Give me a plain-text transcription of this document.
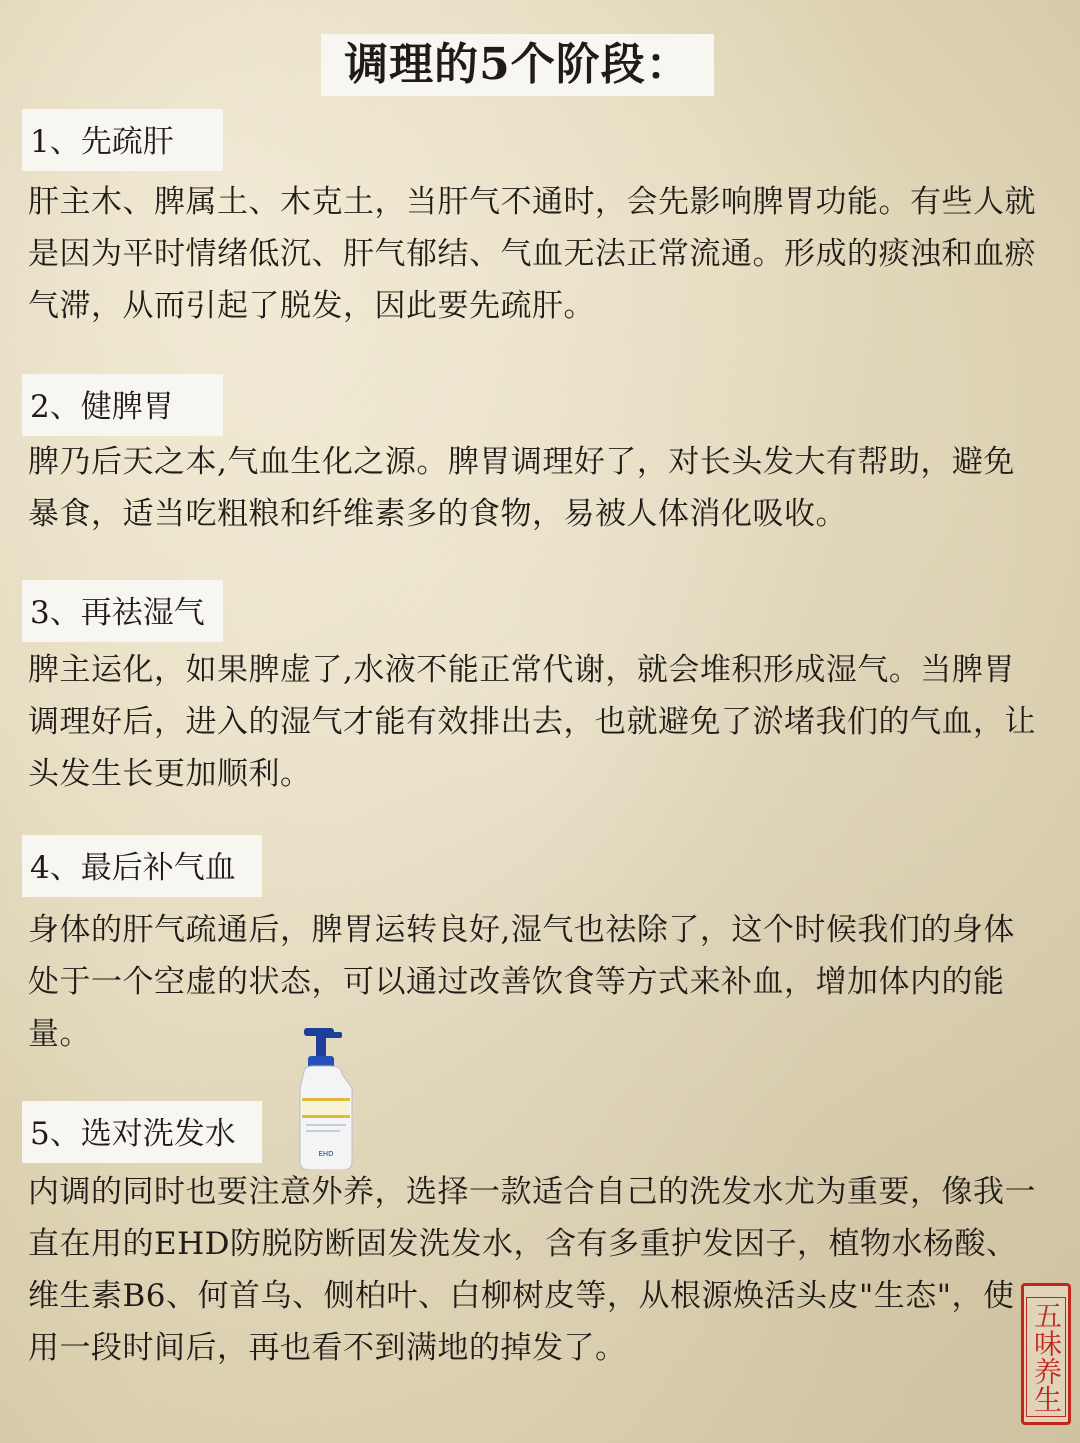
调理的5个阶段：
1、先疏肝

肝主木、脾属土、木克土，当肝气不通时，会先影响脾胃功能。有些人就是因为平时情绪低沉、肝气郁结、气血无法正常流通。形成的痰浊和血瘀气滞，从而引起了脱发，因此要先疏肝。

2、健脾胃

脾乃后天之本,气血生化之源。脾胃调理好了，对长头发大有帮助，避免暴食，适当吃粗粮和纤维素多的食物，易被人体消化吸收。

3、再祛湿气

脾主运化，如果脾虚了,水液不能正常代谢，就会堆积形成湿气。当脾胃调理好后，进入的湿气才能有效排出去，也就避免了淤堵我们的气血，让头发生长更加顺利。

4、最后补气血

身体的肝气疏通后，脾胃运转良好,湿气也祛除了，这个时候我们的身体处于一个空虚的状态，可以通过改善饮食等方式来补血，增加体内的能量。

5、选对洗发水

内调的同时也要注意外养，选择一款适合自己的洗发水尤为重要，像我一直在用的EHD防脱防断固发洗发水，含有多重护发因子，植物水杨酸、维生素B6、何首乌、侧柏叶、白柳树皮等，从根源焕活头皮"生态"，使用一段时间后，再也看不到满地的掉发了。

EHD
五味养生
